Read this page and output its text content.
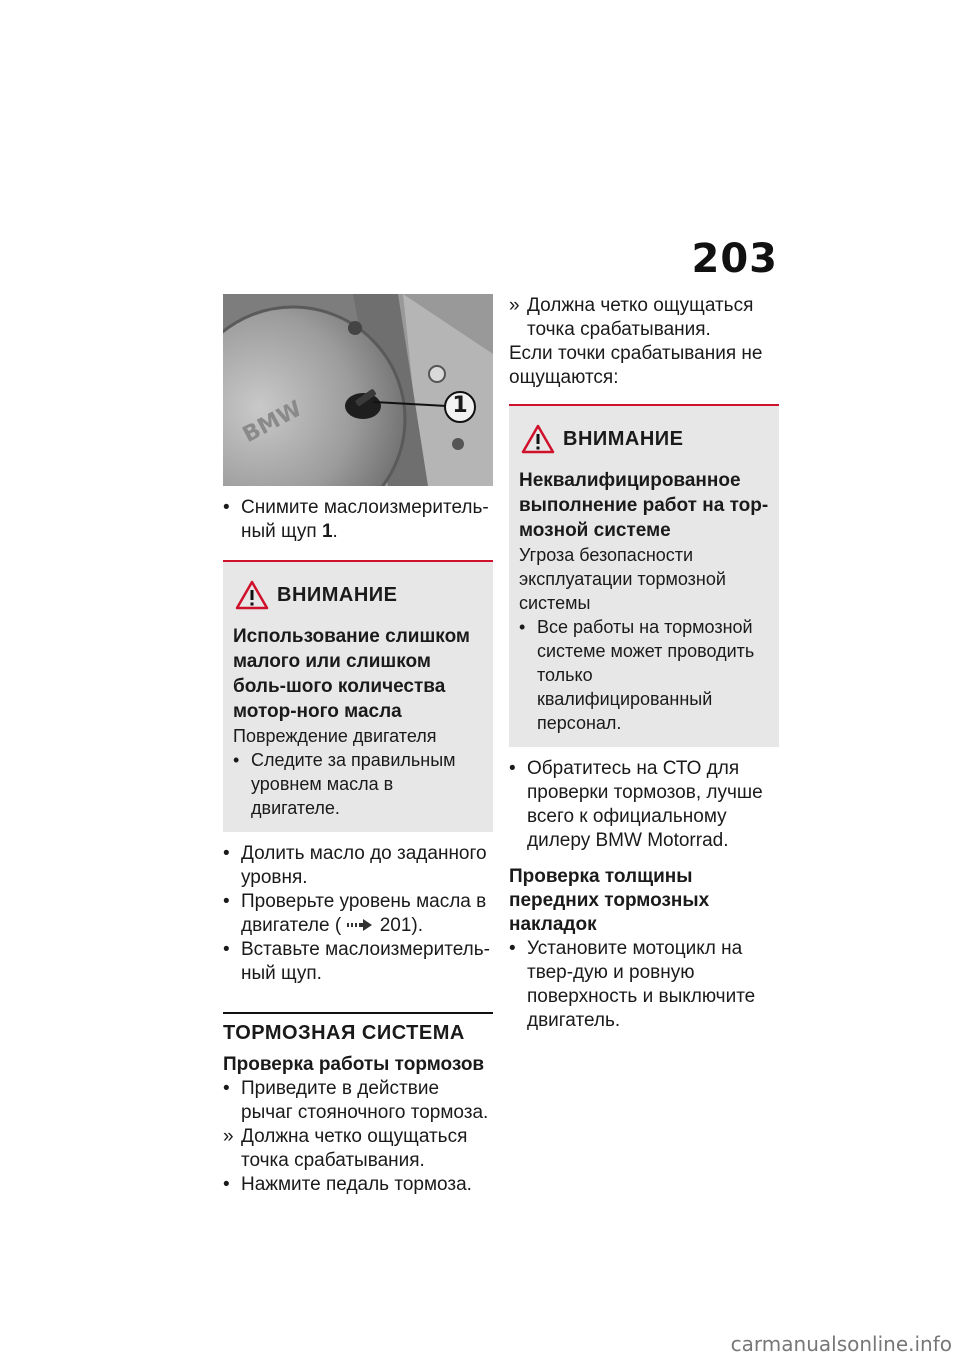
203
BMW	1
• Снимите маслоизмеритель-ный щуп 1.
ВНИМАНИЕ
Использование слишком малого или слишком боль-шого количества мотор-ного масла
Повреждение двигателя
• Следите за правильным уровнем масла в двигателе.
• Долить масло до заданного уровня.
• Проверьте уровень масла в двигателе ( 201).
• Вставьте маслоизмеритель-ный щуп.
ТОРМОЗНАЯ СИСТЕМА
Проверка работы тормозов
• Приведите в действие рычаг стояночного тормоза.
» Должна четко ощущаться точка срабатывания.
• Нажмите педаль тормоза.
» Должна четко ощущаться точка срабатывания.

Если точки срабатывания не ощущаются:

ВНИМАНИЕ
Неквалифицированное выполнение работ на тор-мозной системе
Угроза безопасности эксплуатации тормозной системы
• Все работы на тормозной системе может проводить только квалифицированный персонал.
• Обратитесь на СТО для проверки тормозов, лучше всего к официальному дилеру BMW Motorrad.
Проверка толщины передних тормозных накладок
• Установите мотоцикл на твер-дую и ровную поверхность и выключите двигатель.
carmanualsonline.info
